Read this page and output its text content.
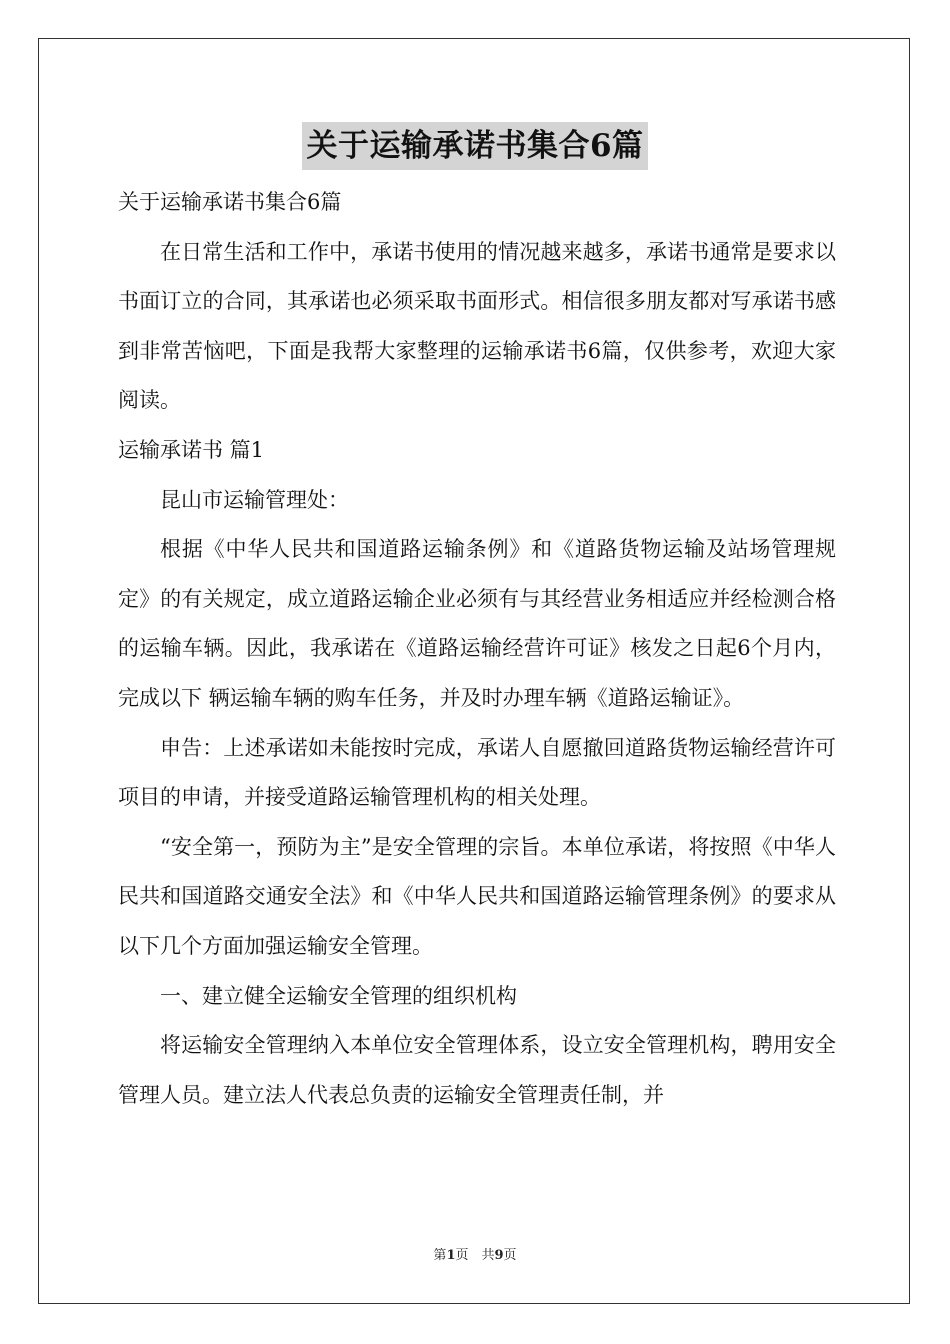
关于运输承诺书集合6篇

关于运输承诺书集合6篇

在日常生活和工作中，承诺书使用的情况越来越多，承诺书通常是要求以书面订立的合同，其承诺也必须采取书面形式。相信很多朋友都对写承诺书感到非常苦恼吧，下面是我帮大家整理的运输承诺书6篇，仅供参考，欢迎大家阅读。

运输承诺书 篇1

昆山市运输管理处：

根据《中华人民共和国道路运输条例》和《道路货物运输及站场管理规定》的有关规定，成立道路运输企业必须有与其经营业务相适应并经检测合格的运输车辆。因此，我承诺在《道路运输经营许可证》核发之日起6个月内，完成以下 辆运输车辆的购车任务，并及时办理车辆《道路运输证》。

申告：上述承诺如未能按时完成，承诺人自愿撤回道路货物运输经营许可项目的申请，并接受道路运输管理机构的相关处理。

“安全第一，预防为主”是安全管理的宗旨。本单位承诺，将按照《中华人民共和国道路交通安全法》和《中华人民共和国道路运输管理条例》的要求从以下几个方面加强运输安全管理。

一、建立健全运输安全管理的组织机构

将运输安全管理纳入本单位安全管理体系，设立安全管理机构，聘用安全管理人员。建立法人代表总负责的运输安全管理责任制，并

第1页　共9页
